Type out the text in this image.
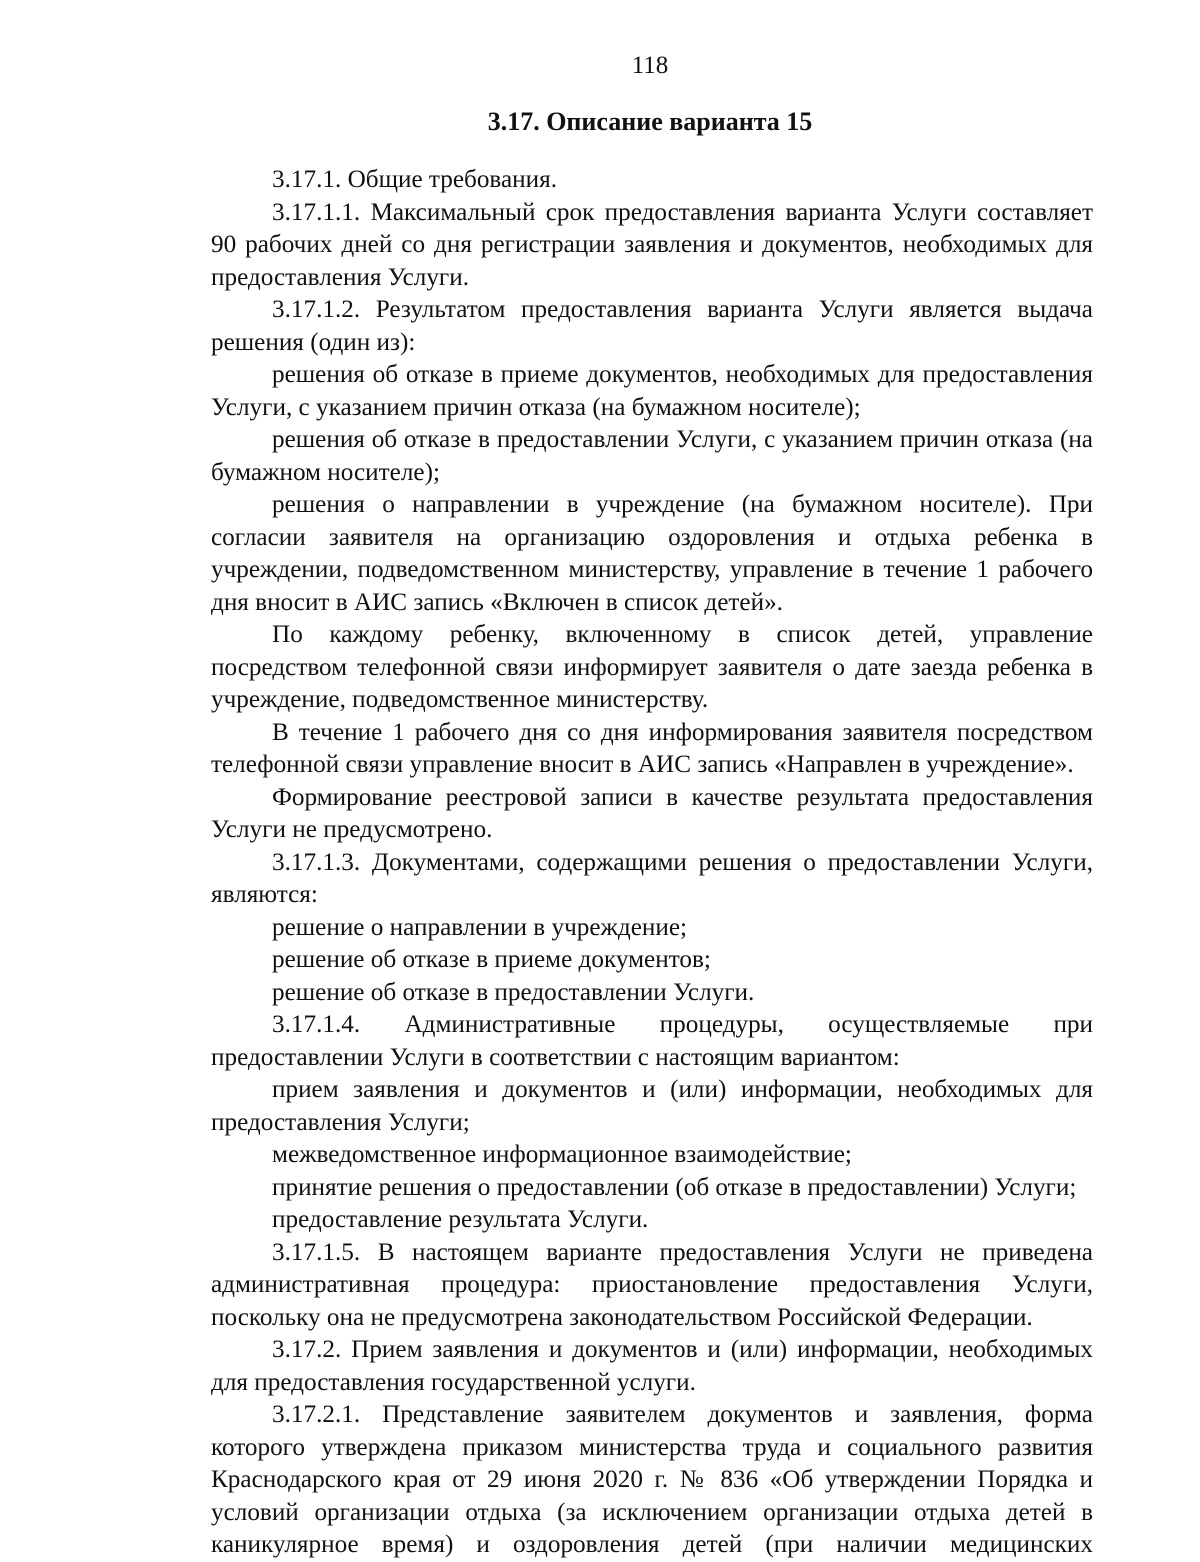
118
3.17. Описание варианта 15

3.17.1. Общие требования.

3.17.1.1. Максимальный срок предоставления варианта Услуги составляет 90 рабочих дней со дня регистрации заявления и документов, необходимых для предоставления Услуги.

3.17.1.2. Результатом предоставления варианта Услуги является выдача решения (один из):

решения об отказе в приеме документов, необходимых для предоставления Услуги, с указанием причин отказа (на бумажном носителе);

решения об отказе в предоставлении Услуги, с указанием причин отказа (на бумажном носителе);

решения о направлении в учреждение (на бумажном носителе). При согласии заявителя на организацию оздоровления и отдыха ребенка в учреждении, подведомственном министерству, управление в течение 1 рабочего дня вносит в АИС запись «Включен в список детей».

По каждому ребенку, включенному в список детей, управление посредством телефонной связи информирует заявителя о дате заезда ребенка в учреждение, подведомственное министерству.

В течение 1 рабочего дня со дня информирования заявителя посредством телефонной связи управление вносит в АИС запись «Направлен в учреждение».

Формирование реестровой записи в качестве результата предоставления Услуги не предусмотрено.

3.17.1.3. Документами, содержащими решения о предоставлении Услуги, являются:

решение о направлении в учреждение;

решение об отказе в приеме документов;

решение об отказе в предоставлении Услуги.

3.17.1.4. Административные процедуры, осуществляемые при предоставлении Услуги в соответствии с настоящим вариантом:

прием заявления и документов и (или) информации, необходимых для предоставления Услуги;

межведомственное информационное взаимодействие;

принятие решения о предоставлении (об отказе в предоставлении) Услуги;

предоставление результата Услуги.

3.17.1.5. В настоящем варианте предоставления Услуги не приведена административная процедура: приостановление предоставления Услуги, поскольку она не предусмотрена законодательством Российской Федерации.

3.17.2. Прием заявления и документов и (или) информации, необходимых для предоставления государственной услуги.

3.17.2.1. Представление заявителем документов и заявления, форма которого утверждена приказом министерства труда и социального развития Краснодарского края от 29 июня 2020 г. № 836 «Об утверждении Порядка и условий организации отдыха (за исключением организации отдыха детей в каникулярное время) и оздоровления детей (при наличии медицинских
